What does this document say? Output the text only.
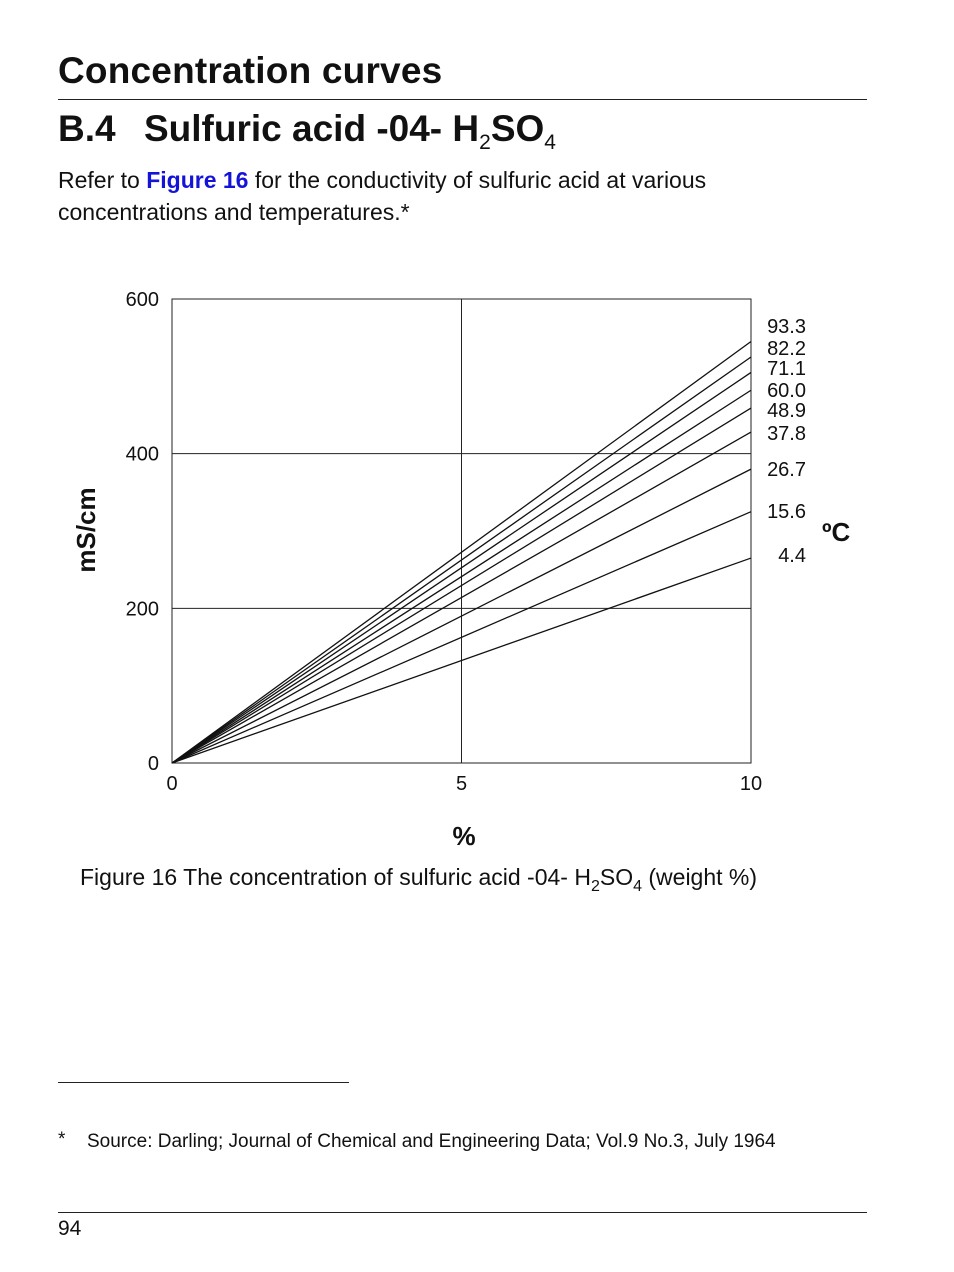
Concentration curves
B.4 Sulfuric acid -04- $H_2SO_4$
Refer to Figure 16 for the conductivity of sulfuric acid at various concentrations and temperatures.*
0
200
400
600
0	5	10
93.3
82.2
71.1
60.0
48.9
37.8
26.7
15.6
4.4
%
ºC
mS/cm
Figure 16 The concentration of sulfuric acid -04- $H_2SO_4$ (weight %)
* Source: Darling; Journal of Chemical and Engineering Data; Vol.9 No.3, July 1964
94
